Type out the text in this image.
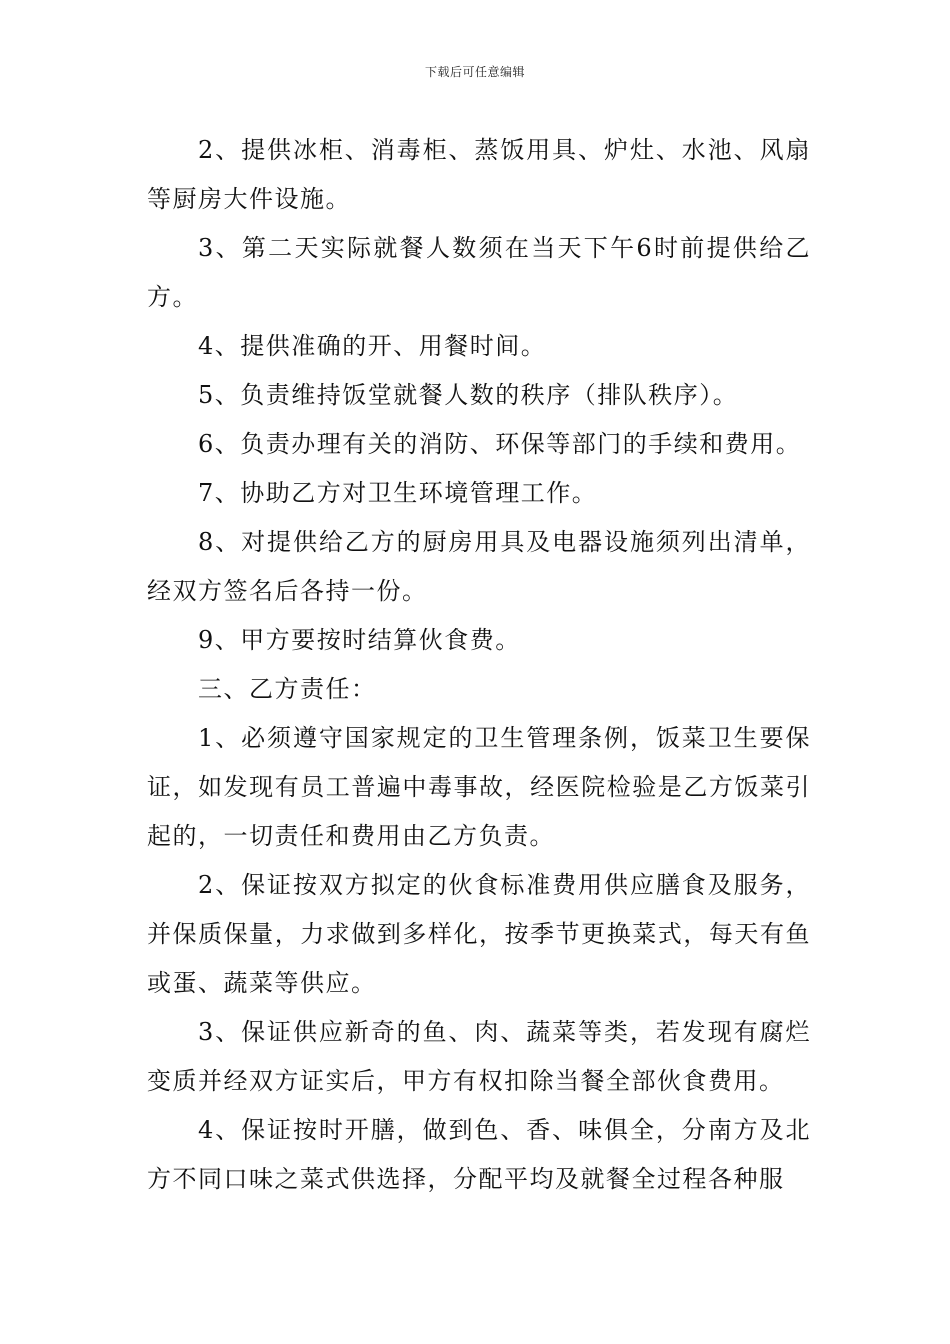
下载后可任意编辑

2、提供冰柜、消毒柜、蒸饭用具、炉灶、水池、风扇等厨房大件设施。

3、第二天实际就餐人数须在当天下午6时前提供给乙方。

4、提供准确的开、用餐时间。

5、负责维持饭堂就餐人数的秩序（排队秩序）。

6、负责办理有关的消防、环保等部门的手续和费用。

7、协助乙方对卫生环境管理工作。

8、对提供给乙方的厨房用具及电器设施须列出清单，经双方签名后各持一份。

9、甲方要按时结算伙食费。

三、乙方责任：

1、必须遵守国家规定的卫生管理条例，饭菜卫生要保证，如发现有员工普遍中毒事故，经医院检验是乙方饭菜引起的，一切责任和费用由乙方负责。

2、保证按双方拟定的伙食标准费用供应膳食及服务，并保质保量，力求做到多样化，按季节更换菜式，每天有鱼或蛋、蔬菜等供应。

3、保证供应新奇的鱼、肉、蔬菜等类，若发现有腐烂变质并经双方证实后，甲方有权扣除当餐全部伙食费用。

4、保证按时开膳，做到色、香、味俱全，分南方及北方不同口味之菜式供选择，分配平均及就餐全过程各种服
